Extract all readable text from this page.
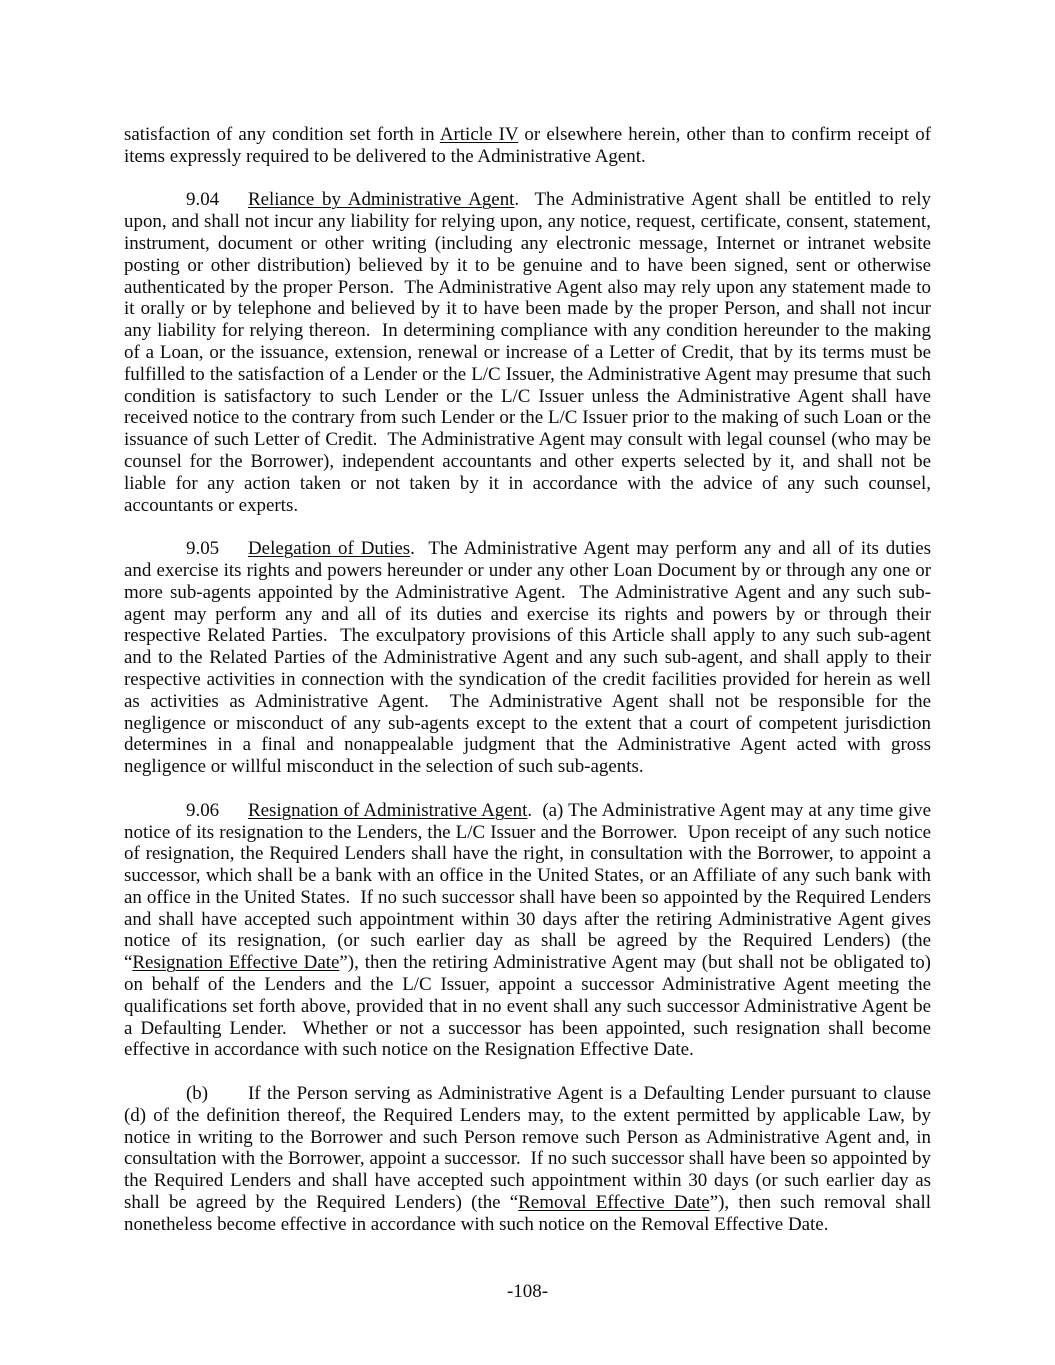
satisfaction of any condition set forth in Article IV or elsewhere herein, other than to confirm receipt of items expressly required to be delivered to the Administrative Agent.

9.04 Reliance by Administrative Agent.  The Administrative Agent shall be entitled to rely upon, and shall not incur any liability for relying upon, any notice, request, certificate, consent, statement, instrument, document or other writing (including any electronic message, Internet or intranet website posting or other distribution) believed by it to be genuine and to have been signed, sent or otherwise authenticated by the proper Person.  The Administrative Agent also may rely upon any statement made to it orally or by telephone and believed by it to have been made by the proper Person, and shall not incur any liability for relying thereon.  In determining compliance with any condition hereunder to the making of a Loan, or the issuance, extension, renewal or increase of a Letter of Credit, that by its terms must be fulfilled to the satisfaction of a Lender or the L/C Issuer, the Administrative Agent may presume that such condition is satisfactory to such Lender or the L/C Issuer unless the Administrative Agent shall have received notice to the contrary from such Lender or the L/C Issuer prior to the making of such Loan or the issuance of such Letter of Credit.  The Administrative Agent may consult with legal counsel (who may be counsel for the Borrower), independent accountants and other experts selected by it, and shall not be liable for any action taken or not taken by it in accordance with the advice of any such counsel, accountants or experts.

9.05 Delegation of Duties.  The Administrative Agent may perform any and all of its duties and exercise its rights and powers hereunder or under any other Loan Document by or through any one or more sub-agents appointed by the Administrative Agent.  The Administrative Agent and any such sub-agent may perform any and all of its duties and exercise its rights and powers by or through their respective Related Parties.  The exculpatory provisions of this Article shall apply to any such sub-agent and to the Related Parties of the Administrative Agent and any such sub-agent, and shall apply to their respective activities in connection with the syndication of the credit facilities provided for herein as well as activities as Administrative Agent.  The Administrative Agent shall not be responsible for the negligence or misconduct of any sub-agents except to the extent that a court of competent jurisdiction determines in a final and nonappealable judgment that the Administrative Agent acted with gross negligence or willful misconduct in the selection of such sub-agents.

9.06 Resignation of Administrative Agent.  (a) The Administrative Agent may at any time give notice of its resignation to the Lenders, the L/C Issuer and the Borrower.  Upon receipt of any such notice of resignation, the Required Lenders shall have the right, in consultation with the Borrower, to appoint a successor, which shall be a bank with an office in the United States, or an Affiliate of any such bank with an office in the United States.  If no such successor shall have been so appointed by the Required Lenders and shall have accepted such appointment within 30 days after the retiring Administrative Agent gives notice of its resignation, (or such earlier day as shall be agreed by the Required Lenders) (the “Resignation Effective Date”), then the retiring Administrative Agent may (but shall not be obligated to) on behalf of the Lenders and the L/C Issuer, appoint a successor Administrative Agent meeting the qualifications set forth above, provided that in no event shall any such successor Administrative Agent be a Defaulting Lender.  Whether or not a successor has been appointed, such resignation shall become effective in accordance with such notice on the Resignation Effective Date.

(b) If the Person serving as Administrative Agent is a Defaulting Lender pursuant to clause (d) of the definition thereof, the Required Lenders may, to the extent permitted by applicable Law, by notice in writing to the Borrower and such Person remove such Person as Administrative Agent and, in consultation with the Borrower, appoint a successor.  If no such successor shall have been so appointed by the Required Lenders and shall have accepted such appointment within 30 days (or such earlier day as shall be agreed by the Required Lenders) (the “Removal Effective Date”), then such removal shall nonetheless become effective in accordance with such notice on the Removal Effective Date.

-108-
